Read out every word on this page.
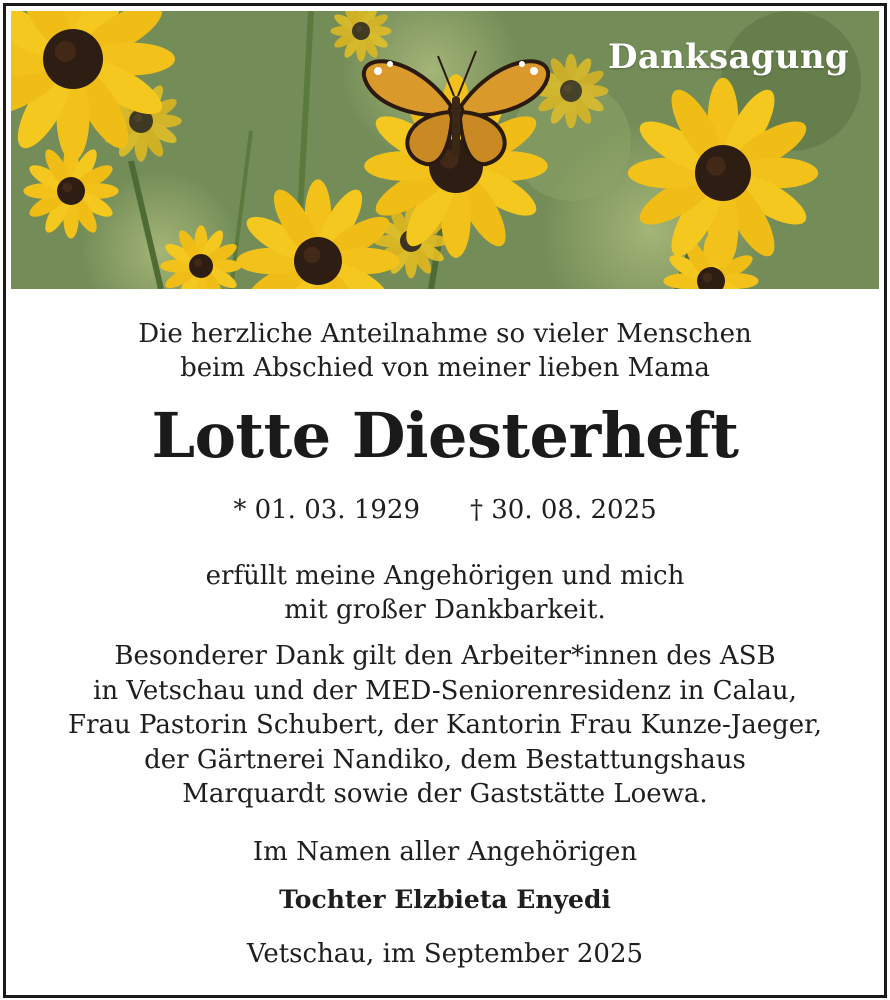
Danksagung
Die herzliche Anteilnahme so vieler Menschen
beim Abschied von meiner lieben Mama
Lotte Diesterheft
* 01. 03. 1929 † 30. 08. 2025
erfüllt meine Angehörigen und mich
mit großer Dankbarkeit.
Besonderer Dank gilt den Arbeiter*innen des ASB
in Vetschau und der MED-Seniorenresidenz in Calau,
Frau Pastorin Schubert, der Kantorin Frau Kunze-Jaeger,
der Gärtnerei Nandiko, dem Bestattungshaus
Marquardt sowie der Gaststätte Loewa.
Im Namen aller Angehörigen
Tochter Elzbieta Enyedi
Vetschau, im September 2025
